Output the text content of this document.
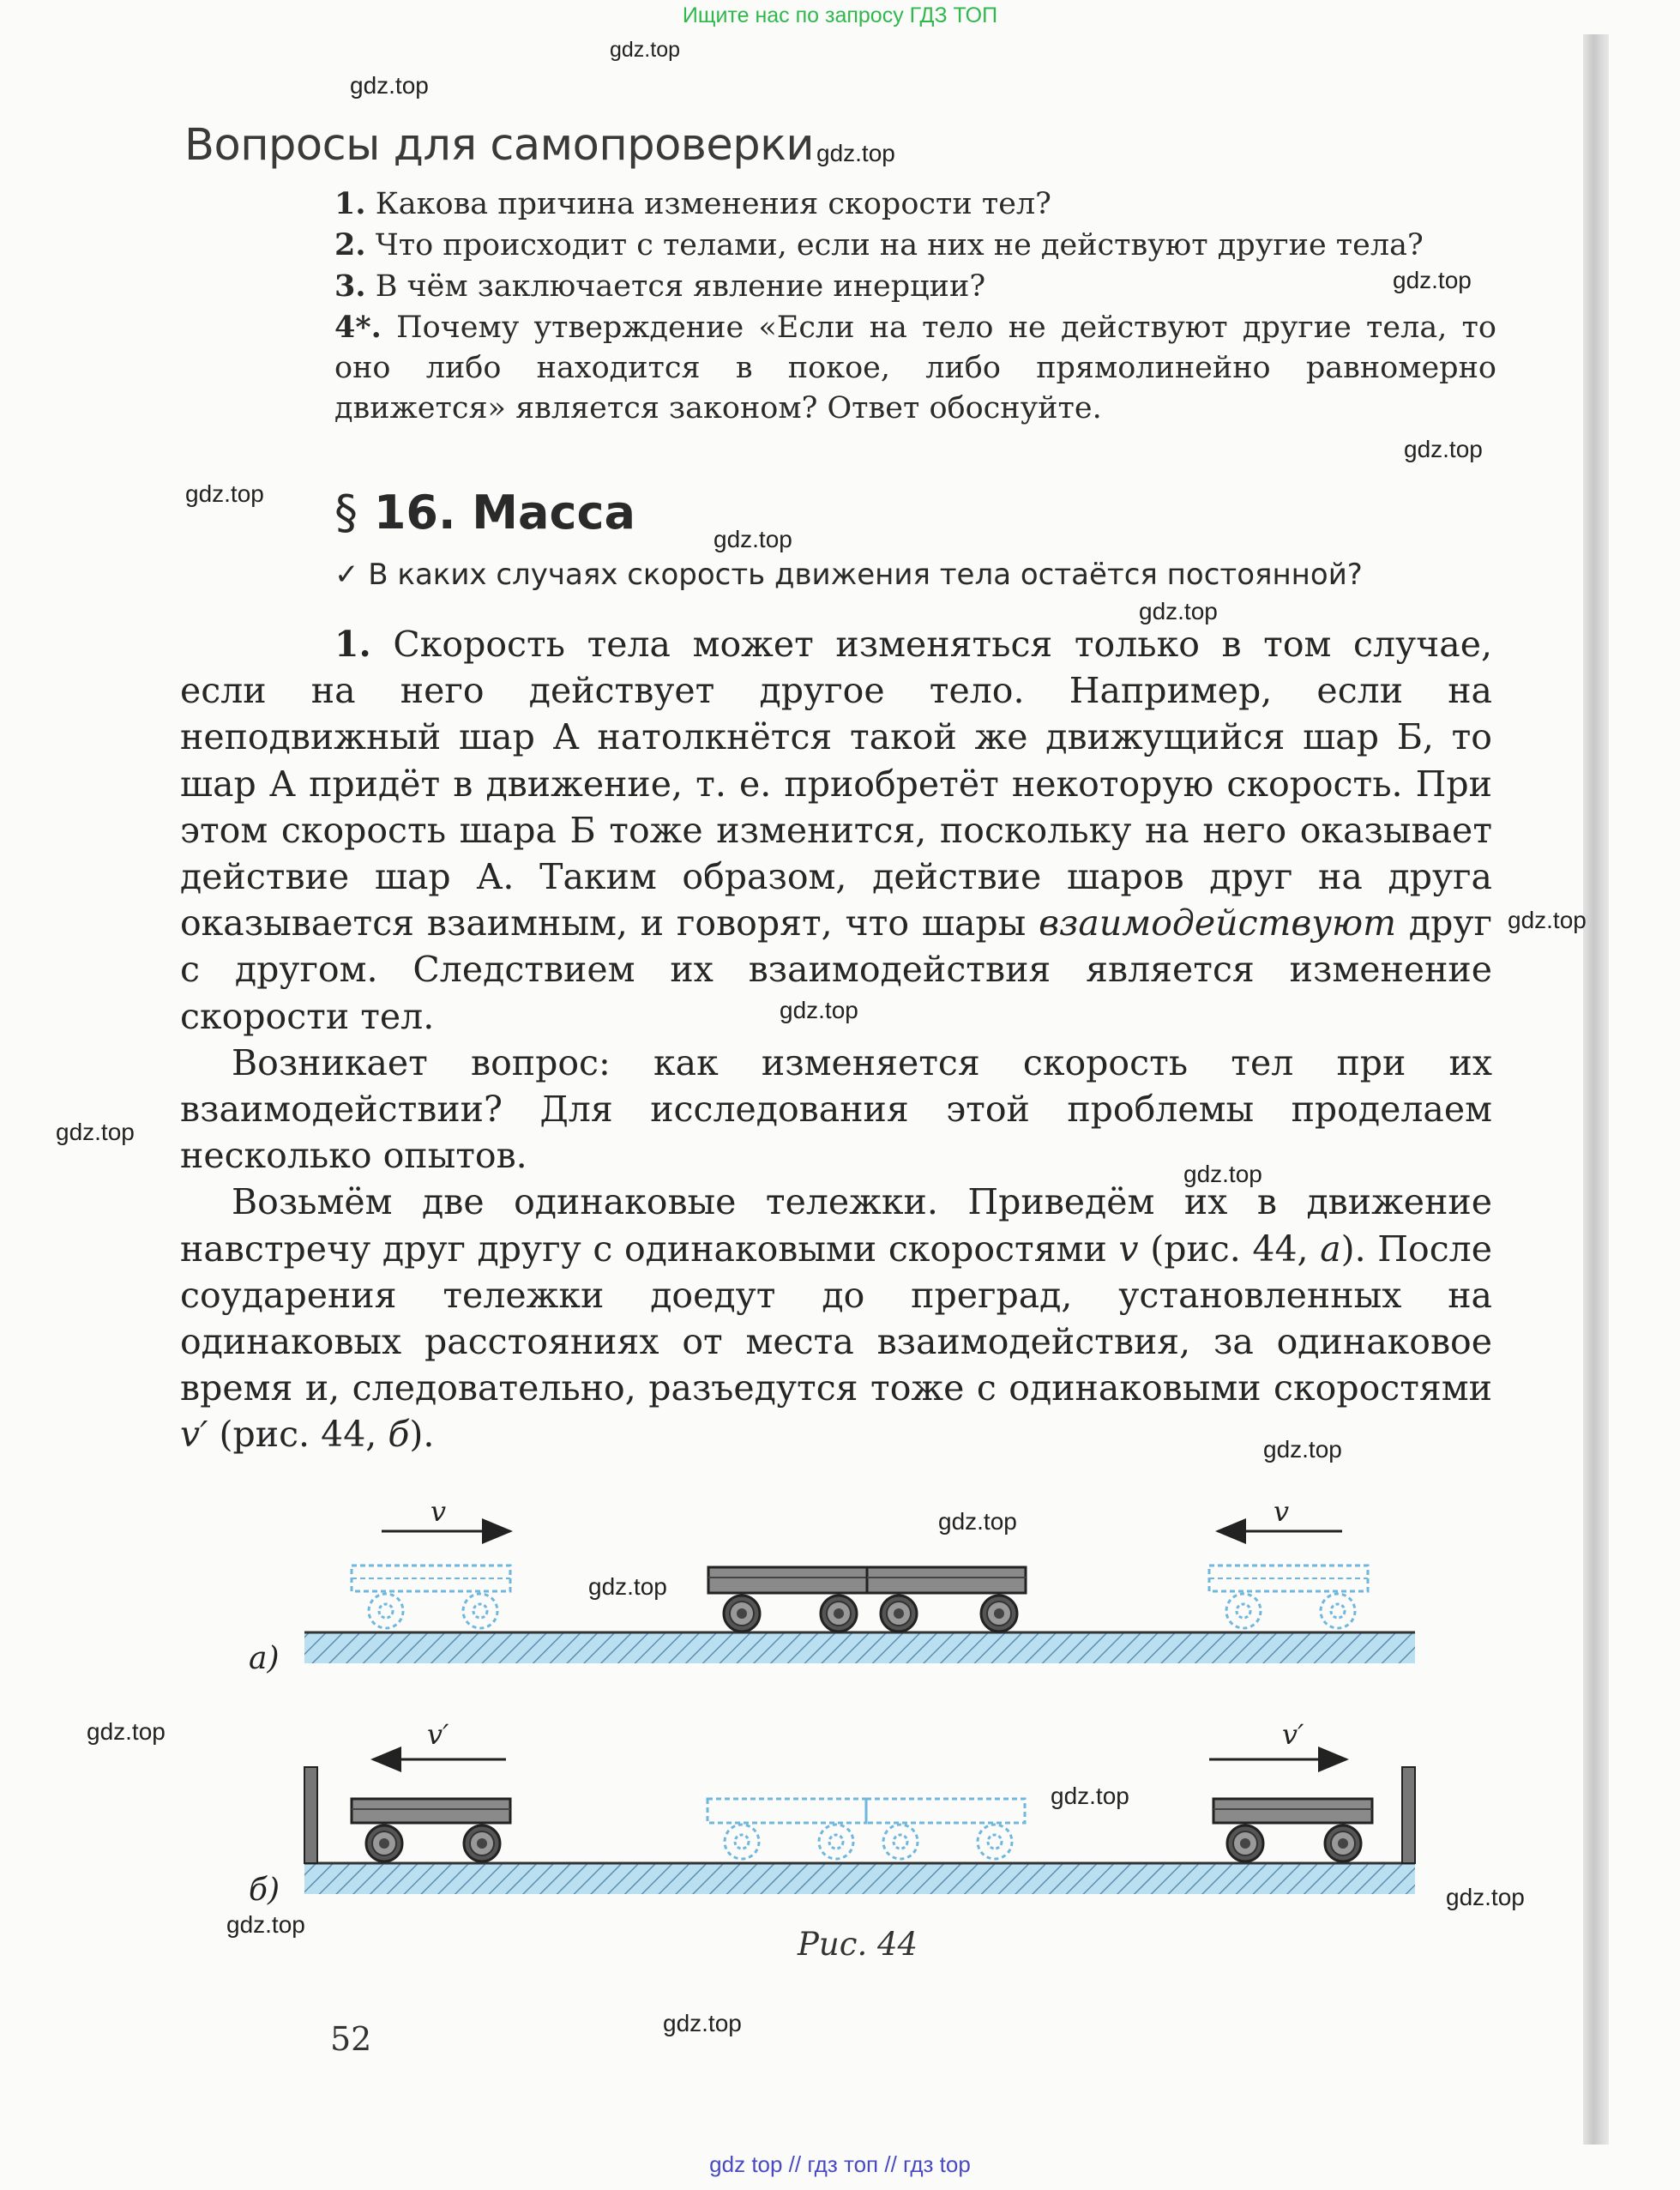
Ищите нас по запросу ГДЗ ТОП
gdz.top
gdz.top
gdz.top
gdz.top
gdz.top
gdz.top
gdz.top
gdz.top
gdz.top
gdz.top
gdz.top
gdz.top
gdz.top
gdz.top
gdz.top
gdz.top
gdz.top
gdz.top
gdz.top
gdz.top
Вопросы для самопроверки
1. Какова причина изменения скорости тел?
2. Что происходит с телами, если на них не действуют другие тела?
3. В чём заключается явление инерции?
4*. Почему утверждение «Если на тело не действуют другие тела, то оно либо находится в покое, либо прямолинейно равномерно движется» является законом? Ответ обоснуйте.
§ 16. Масса
✓ В каких случаях скорость движения тела остаётся постоянной?

1. Скорость тела может изменяться только в том случае, если на него действует другое тело. Например, если на неподвижный шар А натолкнётся такой же движущийся шар Б, то шар А придёт в движение, т. е. приобретёт некоторую скорость. При этом скорость шара Б тоже изменится, поскольку на него оказывает действие шар А. Таким образом, действие шаров друг на друга оказывается взаимным, и говорят, что шары взаимодействуют друг с другом. Следствием их взаимодействия является изменение скорости тел.

Возникает вопрос: как изменяется скорость тел при их взаимодействии? Для исследования этой проблемы проделаем несколько опытов.

Возьмём две одинаковые тележки. Приведём их в движение навстречу друг другу с одинаковыми скоростями v (рис. 44, а). После соударения тележки доедут до преград, установленных на одинаковых расстояниях от места взаимодействия, за одинаковое время и, следовательно, разъедутся тоже с одинаковыми скоростями v′ (рис. 44, б).

v	v
а)
v′	v′
б)
Рис. 44
52
gdz top // гдз топ // гдз top
